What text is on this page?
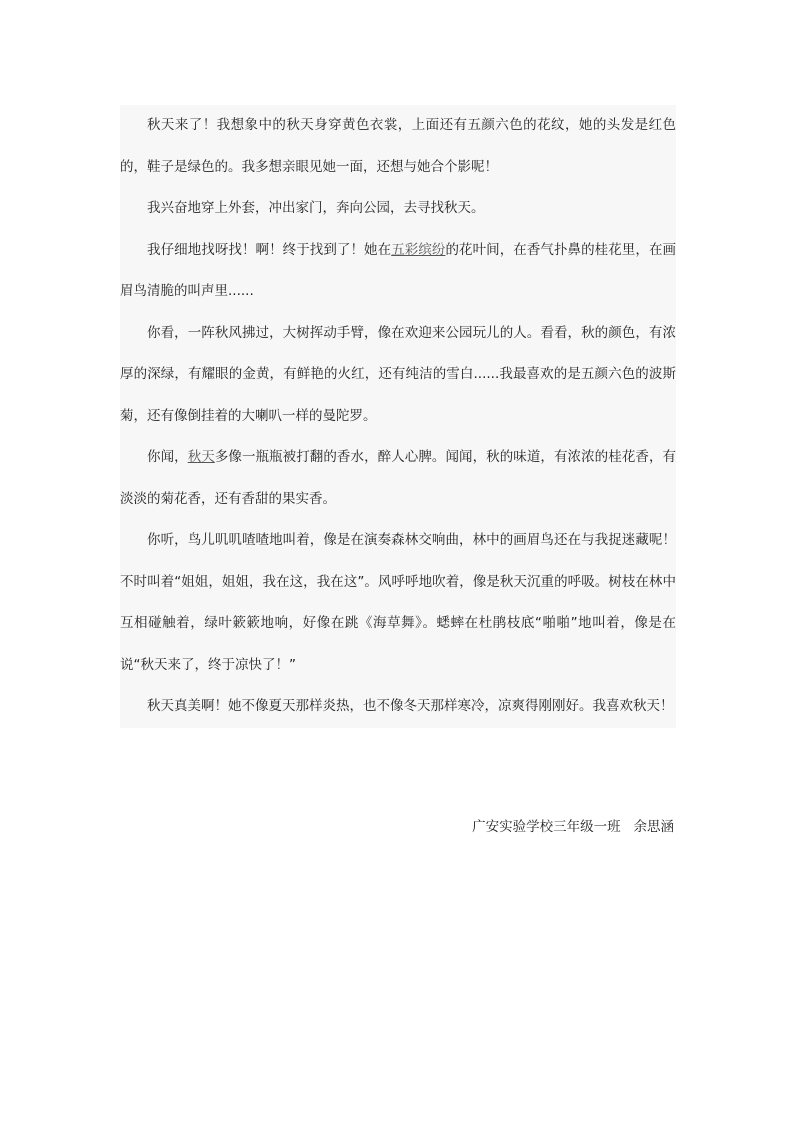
秋天来了！我想象中的秋天身穿黄色衣裳，上面还有五颜六色的花纹，她的头发是红色的，鞋子是绿色的。我多想亲眼见她一面，还想与她合个影呢！

我兴奋地穿上外套，冲出家门，奔向公园，去寻找秋天。

我仔细地找呀找！啊！终于找到了！她在五彩缤纷的花叶间，在香气扑鼻的桂花里，在画眉鸟清脆的叫声里......

你看，一阵秋风拂过，大树挥动手臂，像在欢迎来公园玩儿的人。看看，秋的颜色，有浓厚的深绿，有耀眼的金黄，有鲜艳的火红，还有纯洁的雪白......我最喜欢的是五颜六色的波斯菊，还有像倒挂着的大喇叭一样的曼陀罗。

你闻，秋天多像一瓶瓶被打翻的香水，醉人心脾。闻闻，秋的味道，有浓浓的桂花香，有淡淡的菊花香，还有香甜的果实香。

你听，鸟儿叽叽喳喳地叫着，像是在演奏森林交响曲，林中的画眉鸟还在与我捉迷藏呢！不时叫着“姐姐，姐姐，我在这，我在这”。风呼呼地吹着，像是秋天沉重的呼吸。树枝在林中互相碰触着，绿叶簌簌地响，好像在跳《海草舞》。蟋蟀在杜鹃枝底“啪啪”地叫着，像是在说“秋天来了，终于凉快了！”

秋天真美啊！她不像夏天那样炎热，也不像冬天那样寒冷，凉爽得刚刚好。我喜欢秋天！

广安实验学校三年级一班 余思涵
